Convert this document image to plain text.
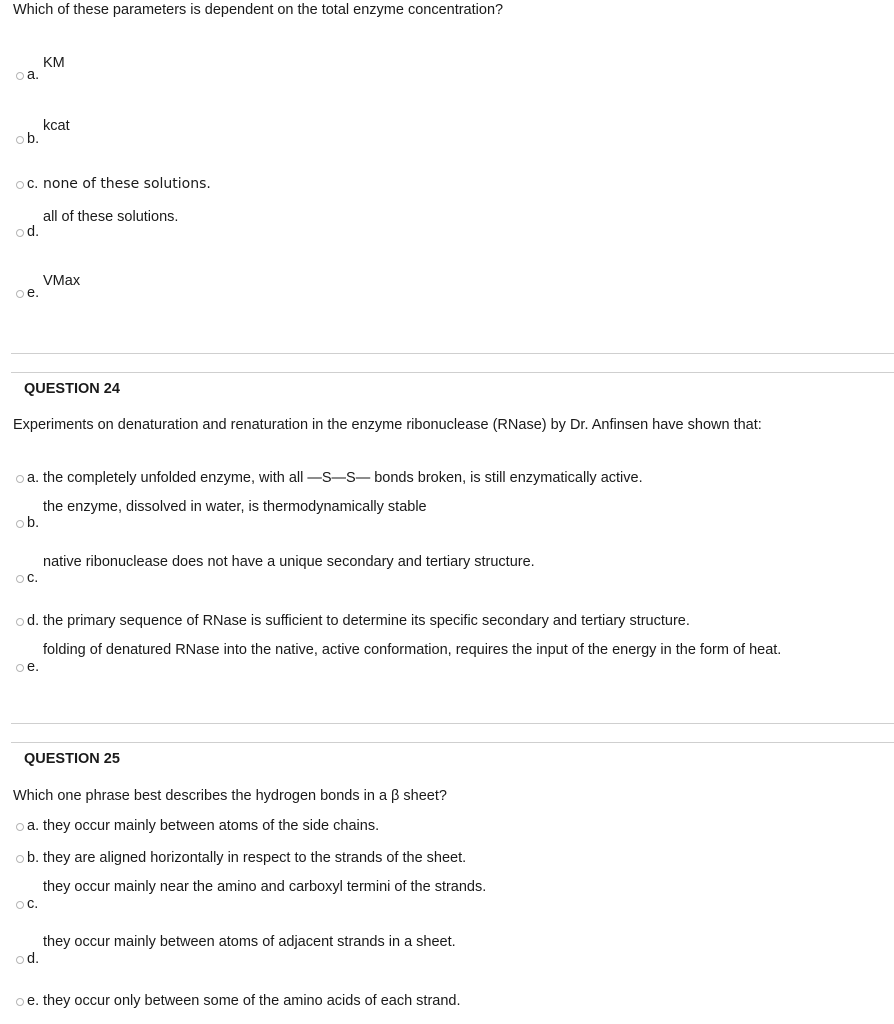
Which of these parameters is dependent on the total enzyme concentration?
a.
KM
b.
kcat
c. none of these solutions.
d.
all of these solutions.
e.
VMax
QUESTION 24
Experiments on denaturation and renaturation in the enzyme ribonuclease (RNase) by Dr. Anfinsen have shown that:
a. the completely unfolded enzyme, with all —S—S— bonds broken, is still enzymatically active.
b.
the enzyme, dissolved in water, is thermodynamically stable
c.
native ribonuclease does not have a unique secondary and tertiary structure.
d. the primary sequence of RNase is sufficient to determine its specific secondary and tertiary structure.
e.
folding of denatured RNase into the native, active conformation, requires the input of the energy in the form of heat.
QUESTION 25
Which one phrase best describes the hydrogen bonds in a β sheet?
a. they occur mainly between atoms of the side chains.
b. they are aligned horizontally in respect to the strands of the sheet.
c.
they occur mainly near the amino and carboxyl termini of the strands.
d.
they occur mainly between atoms of adjacent strands in a sheet.
e. they occur only between some of the amino acids of each strand.
